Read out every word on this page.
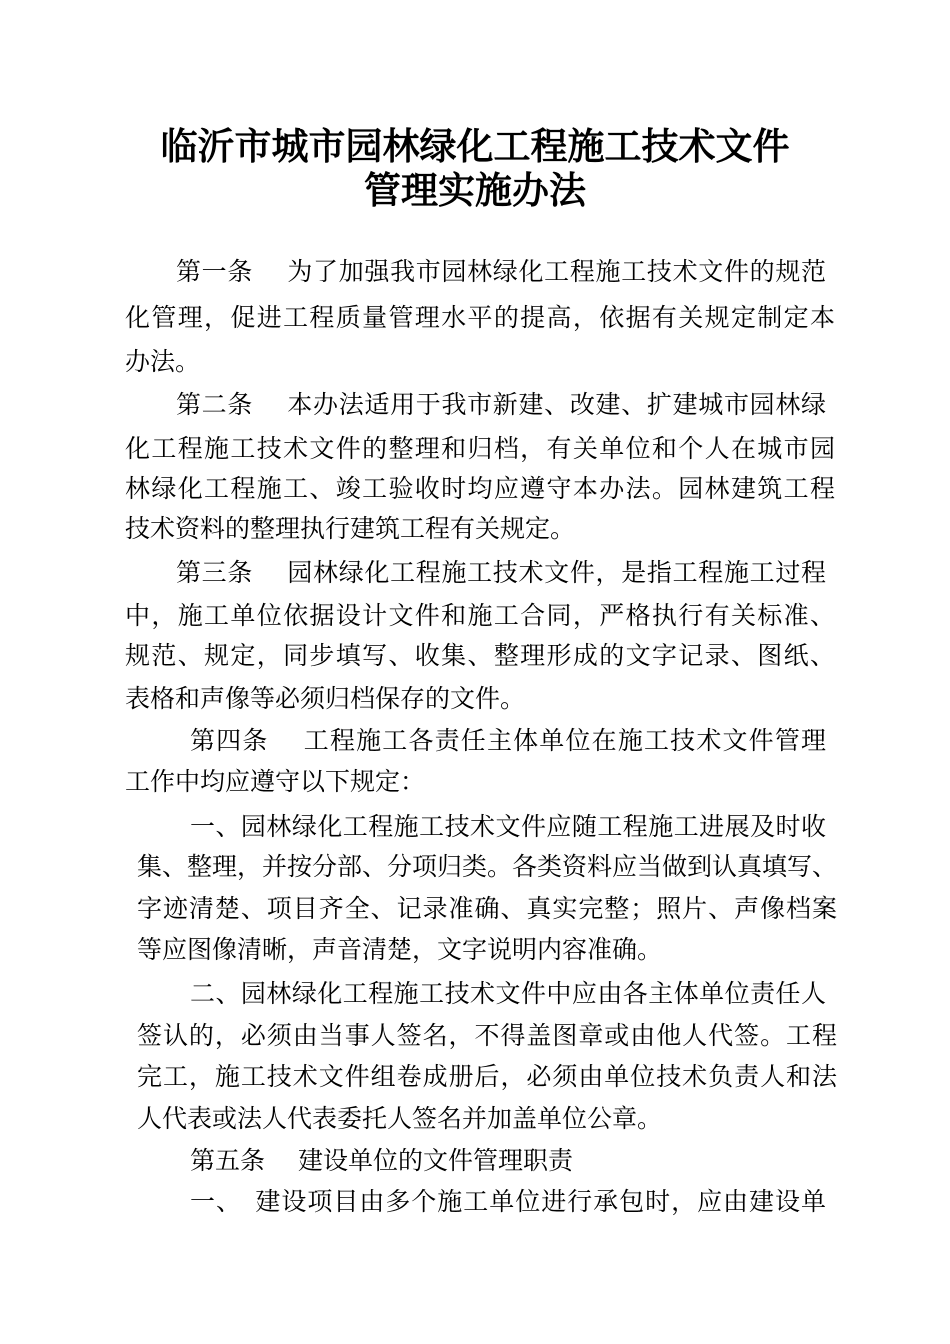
临沂市城市园林绿化工程施工技术文件
管理实施办法
第一条　 为了加强我市园林绿化工程施工技术文件的规范
化管理，促进工程质量管理水平的提高，依据有关规定制定本
办法。
第二条　 本办法适用于我市新建、改建、扩建城市园林绿
化工程施工技术文件的整理和归档，有关单位和个人在城市园
林绿化工程施工、竣工验收时均应遵守本办法。园林建筑工程
技术资料的整理执行建筑工程有关规定。
第三条　 园林绿化工程施工技术文件，是指工程施工过程
中，施工单位依据设计文件和施工合同，严格执行有关标准、
规范、规定，同步填写、收集、整理形成的文字记录、图纸、
表格和声像等必须归档保存的文件。
第四条　 工程施工各责任主体单位在施工技术文件管理
工作中均应遵守以下规定：
一、园林绿化工程施工技术文件应随工程施工进展及时收
集、整理，并按分部、分项归类。各类资料应当做到认真填写、
字迹清楚、项目齐全、记录准确、真实完整；照片、声像档案
等应图像清晰，声音清楚，文字说明内容准确。
二、园林绿化工程施工技术文件中应由各主体单位责任人
签认的，必须由当事人签名，不得盖图章或由他人代签。工程
完工，施工技术文件组卷成册后，必须由单位技术负责人和法
人代表或法人代表委托人签名并加盖单位公章。
第五条　 建设单位的文件管理职责
一、　建设项目由多个施工单位进行承包时，应由建设单
